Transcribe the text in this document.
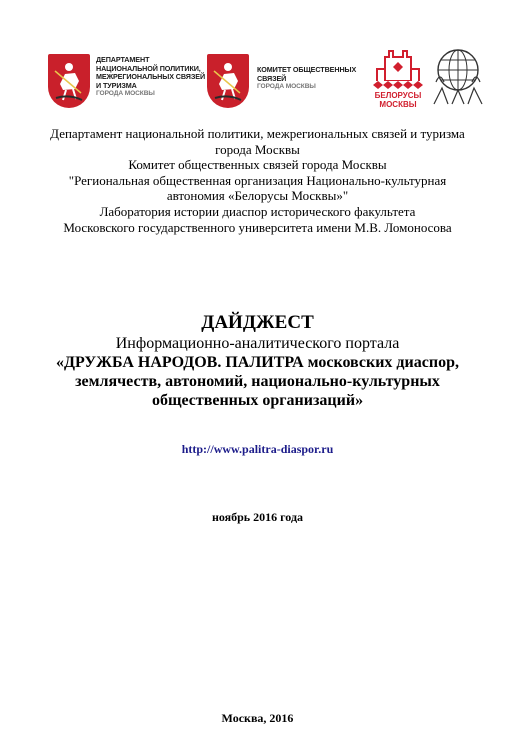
ДЕПАРТАМЕНТ
НАЦИОНАЛЬНОЙ ПОЛИТИКИ,
МЕЖРЕГИОНАЛЬНЫХ СВЯЗЕЙ
И ТУРИЗМА
ГОРОДА МОСКВЫ
КОМИТЕТ ОБЩЕСТВЕННЫХ
СВЯЗЕЙ
ГОРОДА МОСКВЫ
БЕЛОРУСЫ
МОСКВЫ
Департамент национальной политики, межрегиональных связей и туризма
города Москвы
Комитет общественных связей города Москвы
"Региональная общественная организация Национально-культурная
автономия «Белорусы Москвы»"
Лаборатория истории диаспор исторического факультета
Московского государственного университета имени М.В. Ломоносова
ДАЙДЖЕСТ
Информационно-аналитического портала
«ДРУЖБА НАРОДОВ. ПАЛИТРА московских диаспор,
землячеств, автономий, национально-культурных
общественных организаций»
http://www.palitra-diaspor.ru
ноябрь 2016 года
Москва, 2016
